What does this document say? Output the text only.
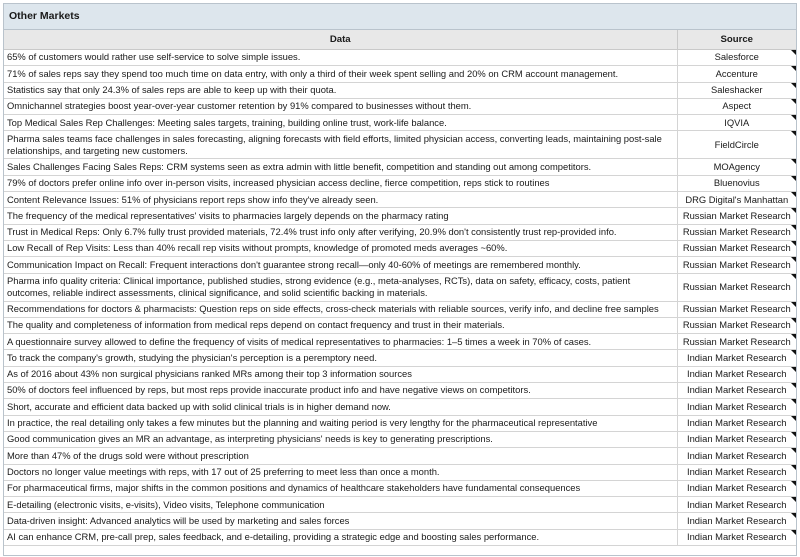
Other Markets
Data	Source
65% of customers would rather use self-service to solve simple issues.	Salesforce

71% of sales reps say they spend too much time on data entry, with only a third of their week spent selling and 20% on CRM account management.	Accenture

Statistics say that only 24.3% of sales reps are able to keep up with their quota.	Saleshacker

Omnichannel strategies boost year-over-year customer retention by 91% compared to businesses without them.	Aspect

Top Medical Sales Rep Challenges: Meeting sales targets, training, building online trust, work-life balance.	IQVIA

Pharma sales teams face challenges in sales forecasting, aligning forecasts with field efforts, limited physician access, converting leads, maintaining post-sale relationships, and targeting new customers.	FieldCircle

Sales Challenges Facing Sales Reps: CRM systems seen as extra admin with little benefit, competition and standing out among competitors.	MOAgency

79% of doctors prefer online info over in-person visits, increased physician access decline, fierce competition, reps stick to routines	Bluenovius

Content Relevance Issues: 51% of physicians report reps show info they've already seen.	DRG Digital's Manhattan

The frequency of the medical representatives' visits to pharmacies largely depends on the pharmacy rating	Russian Market Research

Trust in Medical Reps: Only 6.7% fully trust provided materials, 72.4% trust info only after verifying, 20.9% don't consistently trust rep-provided info.	Russian Market Research

Low Recall of Rep Visits: Less than 40% recall rep visits without prompts, knowledge of promoted meds averages ~60%.	Russian Market Research

Communication Impact on Recall: Frequent interactions don't guarantee strong recall—only 40-60% of meetings are remembered monthly.	Russian Market Research

Pharma info quality criteria: Clinical importance, published studies, strong evidence (e.g., meta-analyses, RCTs), data on safety, efficacy, costs, patient outcomes, reliable indirect assessments, clinical significance, and solid scientific backing in materials.	Russian Market Research

Recommendations for doctors & pharmacists: Question reps on side effects, cross-check materials with reliable sources, verify info, and decline free samples	Russian Market Research

The quality and completeness of information from medical reps depend on contact frequency and trust in their materials.	Russian Market Research

A questionnaire survey allowed to define the frequency of visits of medical representatives to pharmacies: 1–5 times a week in 70% of cases.	Russian Market Research

To track the company's growth, studying the physician's perception is a peremptory need.	Indian Market Research

As of 2016 about 43% non surgical physicians ranked MRs among their top 3 information sources	Indian Market Research

50% of doctors feel influenced by reps, but most reps provide inaccurate product info and have negative views on competitors.	Indian Market Research

Short, accurate and efficient data backed up with solid clinical trials is in higher demand now.	Indian Market Research

In practice, the real detailing only takes a few minutes but the planning and waiting period is very lengthy for the pharmaceutical representative	Indian Market Research

Good communication gives an MR an advantage, as interpreting physicians' needs is key to generating prescriptions.	Indian Market Research

More than 47% of the drugs sold were without prescription	Indian Market Research

Doctors no longer value meetings with reps, with 17 out of 25 preferring to meet less than once a month.	Indian Market Research

For pharmaceutical firms, major shifts in the common positions and dynamics of healthcare stakeholders have fundamental consequences	Indian Market Research

E-detailing (electronic visits, e-visits), Video visits, Telephone communication	Indian Market Research

Data-driven insight: Advanced analytics will be used by marketing and sales forces	Indian Market Research

AI can enhance CRM, pre-call prep, sales feedback, and e-detailing, providing a strategic edge and boosting sales performance.	Indian Market Research
